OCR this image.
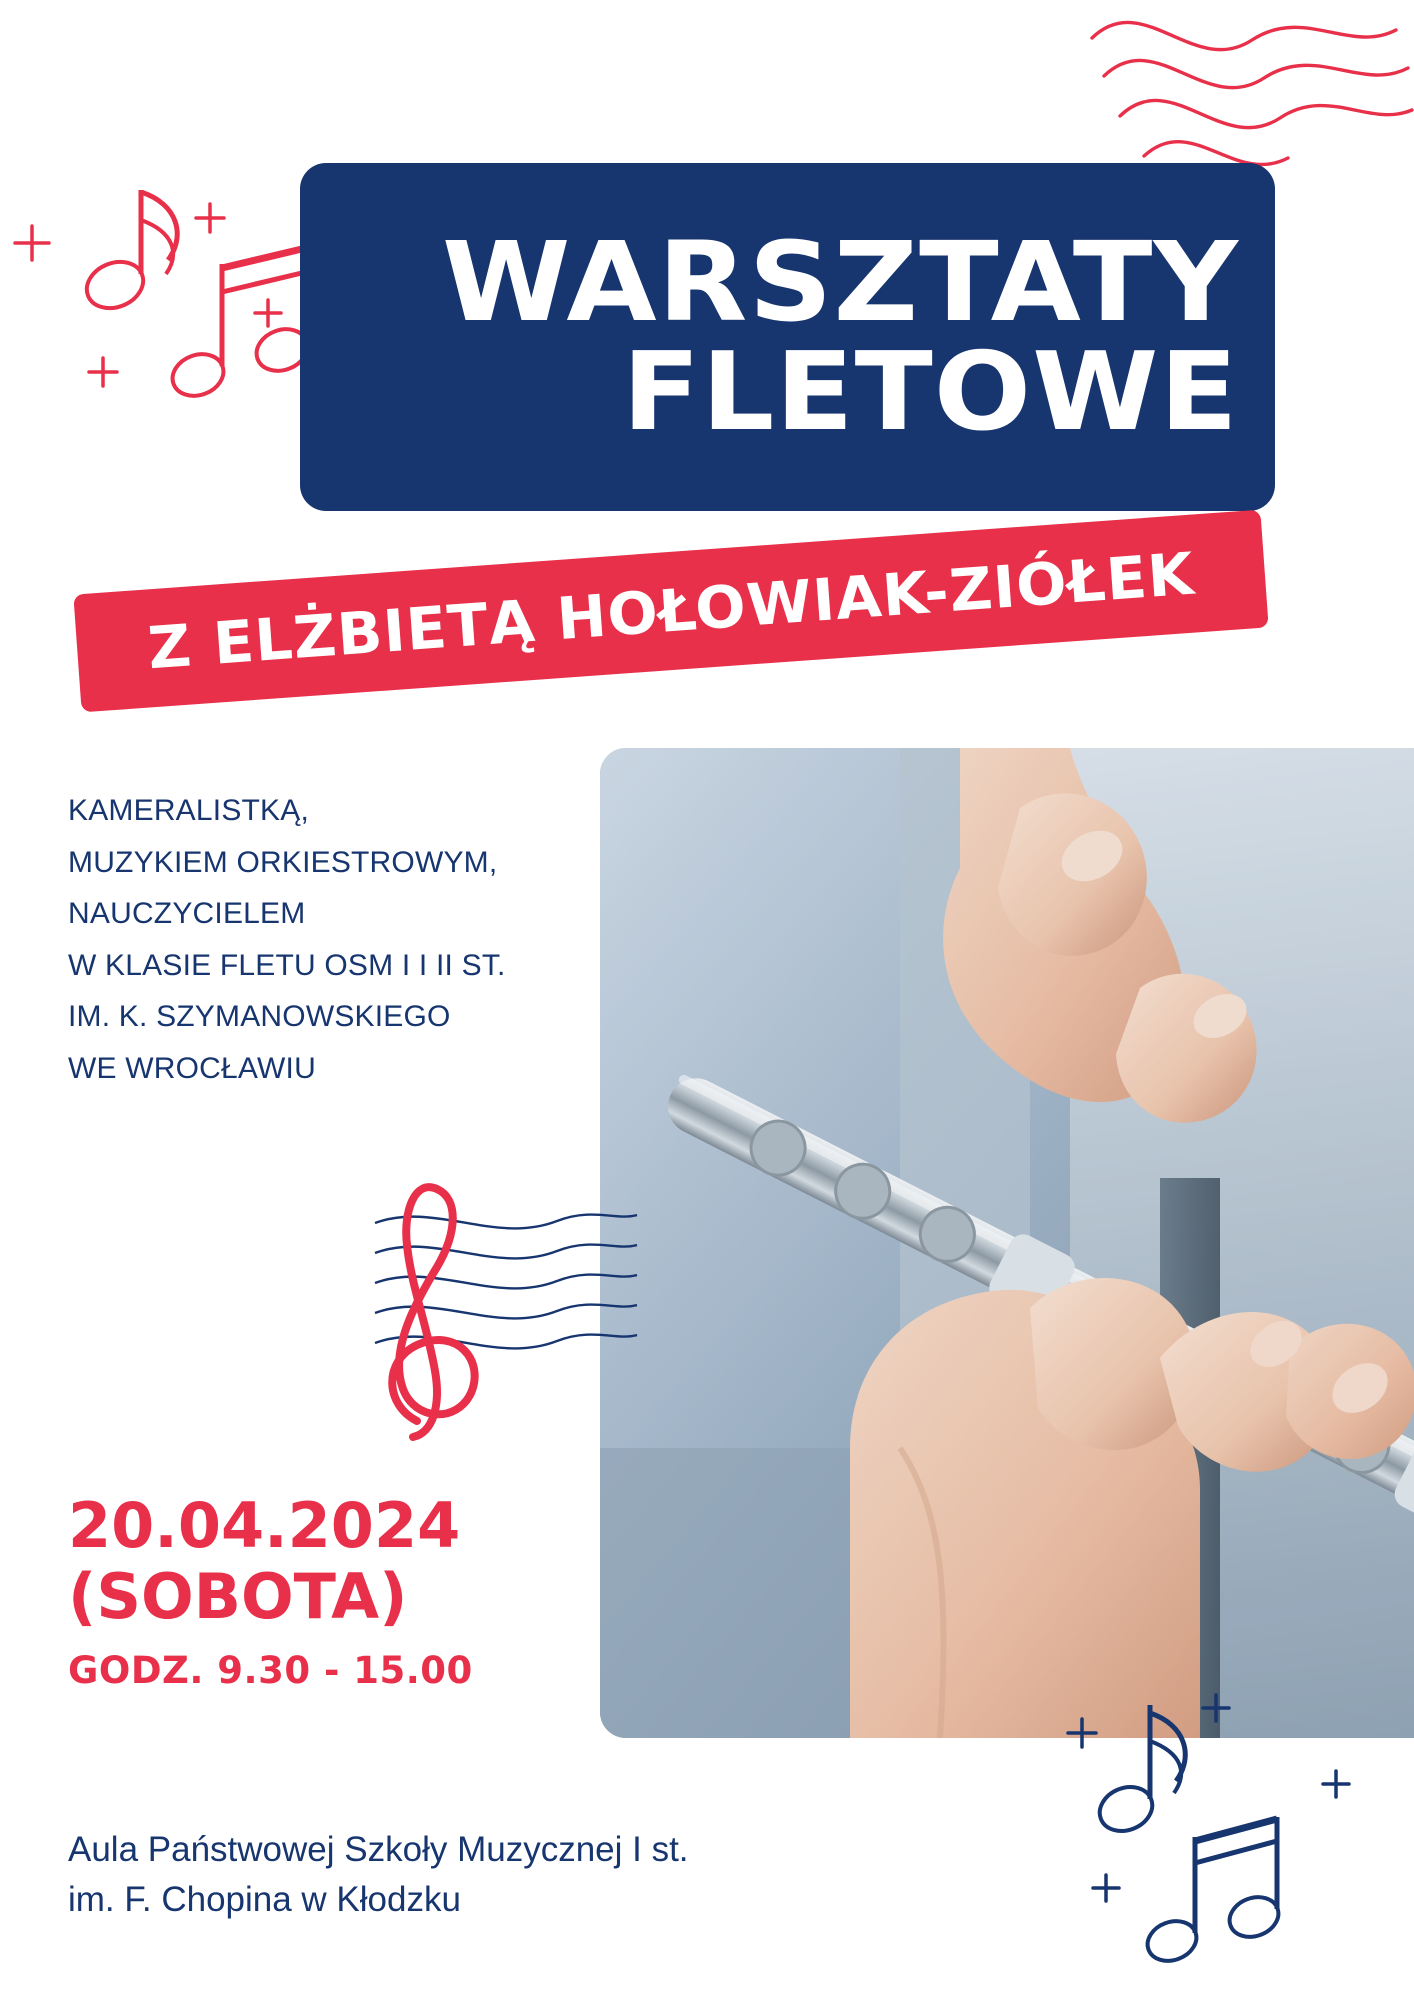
WARSZTATY
FLETOWE
Z ELŻBIETĄ HOŁOWIAK-ZIÓŁEK
KAMERALISTKĄ,
MUZYKIEM ORKIESTROWYM,
NAUCZYCIELEM
W KLASIE FLETU OSM I I II ST.
IM. K. SZYMANOWSKIEGO
WE WROCŁAWIU
20.04.2024
(SOBOTA)
GODZ. 9.30 - 15.00
Aula Państwowej Szkoły Muzycznej I st.
im. F. Chopina w Kłodzku
